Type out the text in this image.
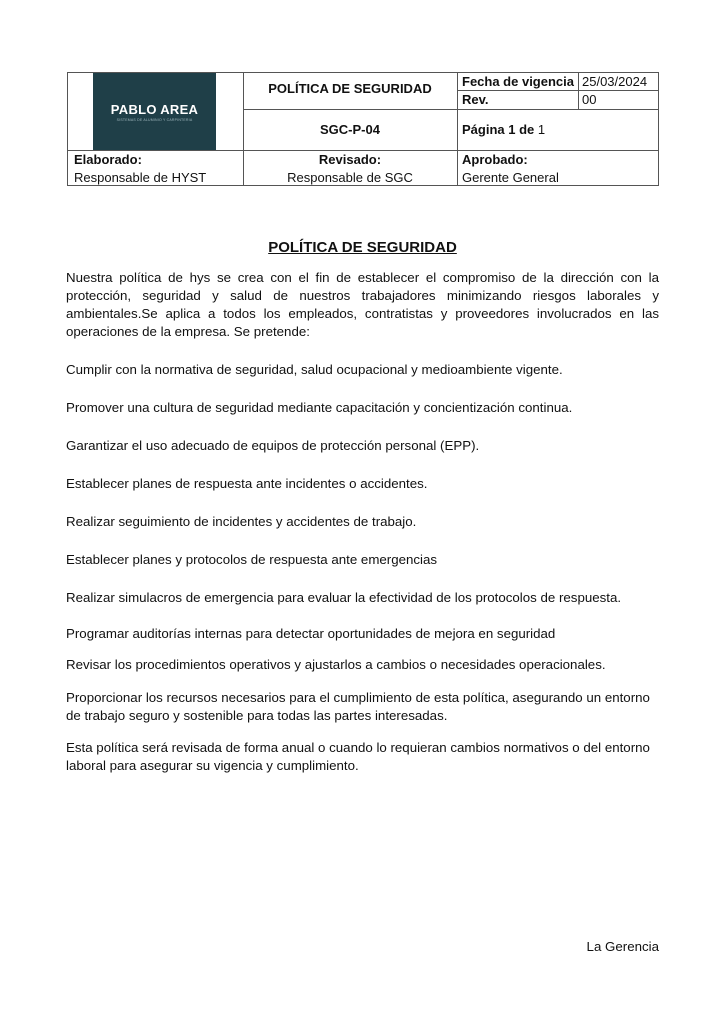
PABLO AREA
SISTEMAS DE ALUMINIO Y CARPINTERIA
POLÍTICA DE SEGURIDAD	Fecha de vigencia 25/03/2024
Rev.	00
SGC-P-04	Página 1 de 1
Elaborado:
Responsable de HYST
Revisado:
Responsable de SGC
Aprobado:
Gerente General
POLÍTICA DE SEGURIDAD
Nuestra política de hys se crea con el fin de establecer el compromiso de la dirección con la protección, seguridad y salud de nuestros trabajadores minimizando riesgos laborales y ambientales.Se aplica a todos los empleados, contratistas y proveedores involucrados en las operaciones de la empresa. Se pretende:
Cumplir con la normativa de seguridad, salud ocupacional y medioambiente vigente.
Promover una cultura de seguridad mediante capacitación y concientización continua.
Garantizar el uso adecuado de equipos de protección personal (EPP).
Establecer planes de respuesta ante incidentes o accidentes.
Realizar seguimiento de incidentes y accidentes de trabajo.
Establecer planes y protocolos de respuesta ante emergencias
Realizar simulacros de emergencia para evaluar la efectividad de los protocolos de respuesta.
Programar auditorías internas para detectar oportunidades de mejora en seguridad
Revisar los procedimientos operativos y ajustarlos a cambios o necesidades operacionales.
Proporcionar los recursos necesarios para el cumplimiento de esta política, asegurando un entorno de trabajo seguro y sostenible para todas las partes interesadas.
Esta política será revisada de forma anual o cuando lo requieran cambios normativos o del entorno laboral para asegurar su vigencia y cumplimiento.
La Gerencia
